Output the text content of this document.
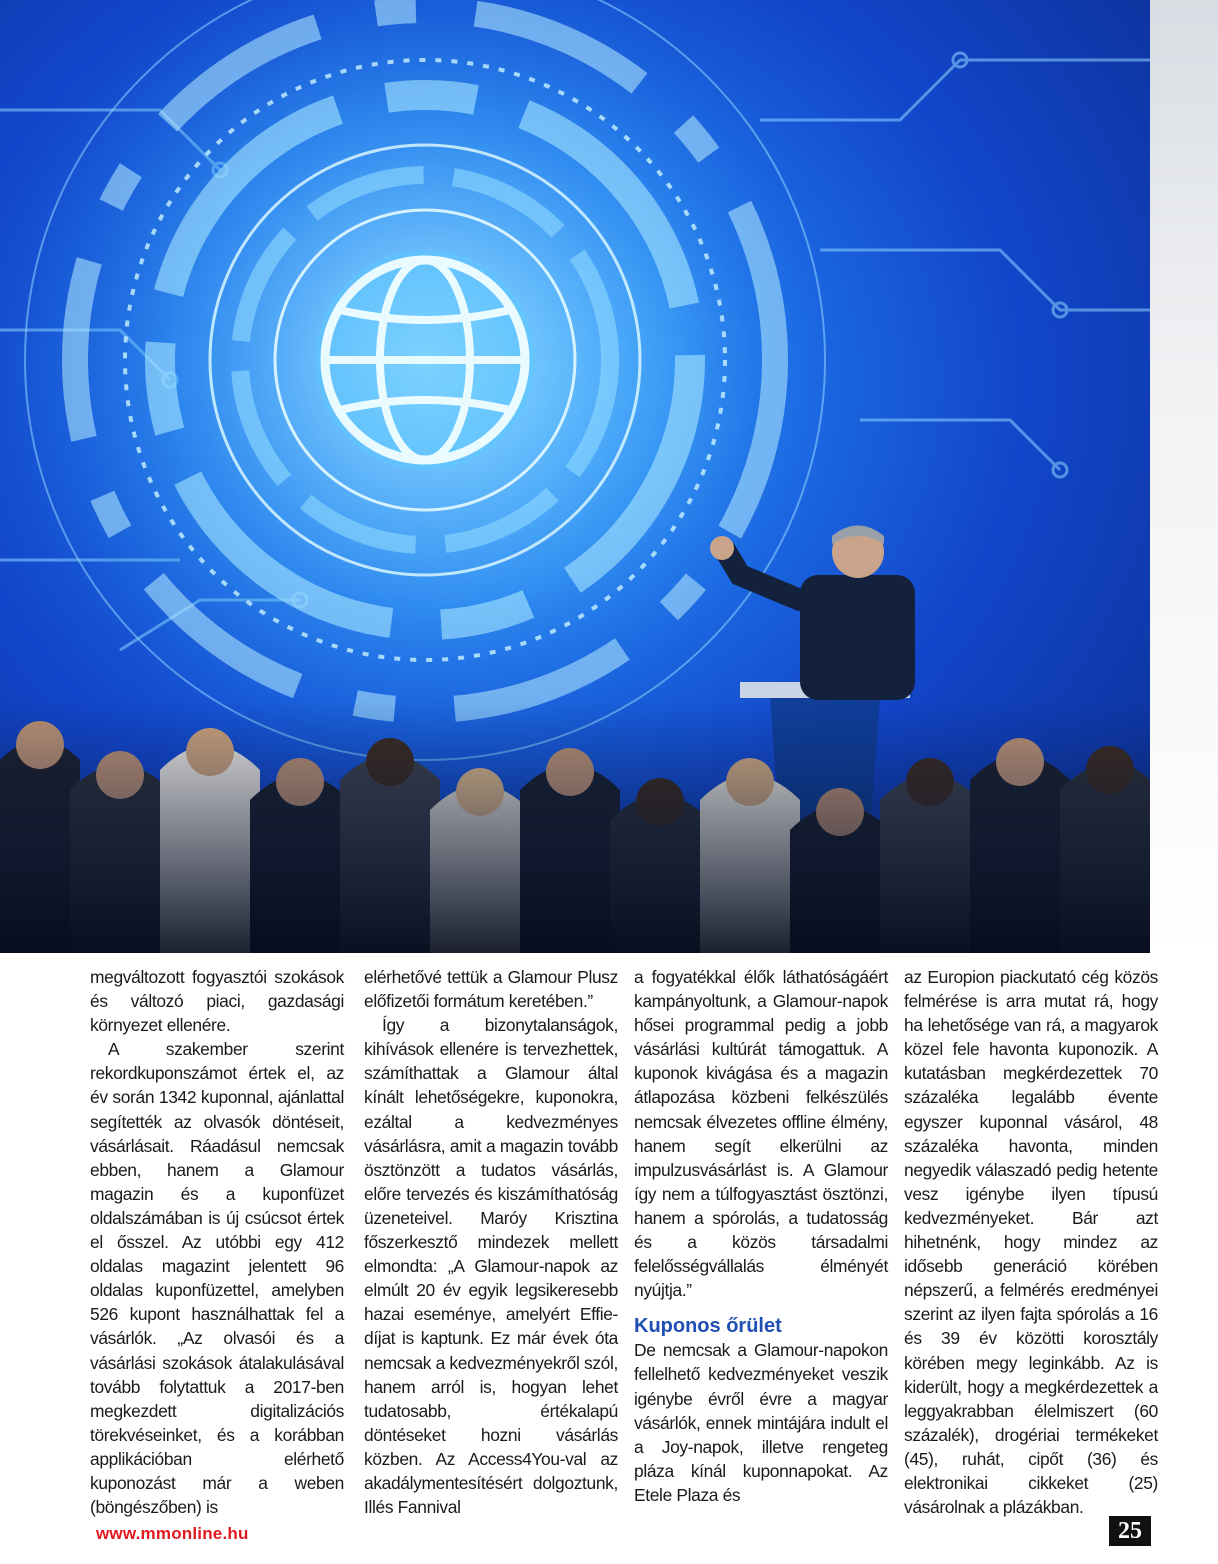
megváltozott fogyasztói szokások és változó piaci, gazdasági környezet ellenére.

A szakember szerint rekordkuponszámot értek el, az év során 1342 kuponnal, ajánlattal segítették az olvasók döntéseit, vásárlásait. Ráadásul nemcsak ebben, hanem a Glamour magazin és a kuponfüzet oldalszámában is új csúcsot értek el ősszel. Az utóbbi egy 412 oldalas magazint jelentett 96 oldalas kuponfüzettel, amelyben 526 kupont használhattak fel a vásárlók. „Az olvasói és a vásárlási szokások átalakulásával tovább folytattuk a 2017-ben megkezdett digitalizációs törekvéseinket, és a korábban applikációban elérhető kuponozást már a weben (böngészőben) is

elérhetővé tettük a Glamour Plusz előfizetői formátum keretében.”

Így a bizonytalanságok, kihívások ellenére is tervezhettek, számíthattak a Glamour által kínált lehetőségekre, kuponokra, ezáltal a kedvezményes vásárlásra, amit a magazin tovább ösztönzött a tudatos vásárlás, előre tervezés és kiszámíthatóság üzeneteivel. Maróy Krisztina főszerkesztő mindezek mellett elmondta: „A Glamour-napok az elmúlt 20 év egyik legsikeresebb hazai eseménye, amelyért Effie-díjat is kaptunk. Ez már évek óta nemcsak a kedvezményekről szól, hanem arról is, hogyan lehet tudatosabb, értékalapú döntéseket hozni vásárlás közben. Az Access4You-val az akadálymentesítésért dolgoztunk, Illés Fannival

a fogyatékkal élők láthatóságáért kampányoltunk, a Glamour-napok hősei programmal pedig a jobb vásárlási kultúrát támogattuk. A kuponok kivágása és a magazin átlapozása közbeni felkészülés nemcsak élvezetes offline élmény, hanem segít elkerülni az impulzusvásárlást is. A Glamour így nem a túlfogyasztást ösztönzi, hanem a spórolás, a tudatosság és a közös társadalmi felelősségvállalás élményét nyújtja.”

Kuponos őrület

De nemcsak a Glamour-napokon fellelhető kedvezményeket veszik igénybe évről évre a magyar vásárlók, ennek mintájára indult el a Joy-napok, illetve rengeteg pláza kínál kuponnapokat. Az Etele Plaza és

az Europion piackutató cég közös felmérése is arra mutat rá, hogy ha lehetősége van rá, a magyarok közel fele havonta kuponozik. A kutatásban megkérdezettek 70 százaléka legalább évente egyszer kuponnal vásárol, 48 százaléka havonta, minden negyedik válaszadó pedig hetente vesz igénybe ilyen típusú kedvezményeket. Bár azt hihetnénk, hogy mindez az idősebb generáció körében népszerű, a felmérés eredményei szerint az ilyen fajta spórolás a 16 és 39 év közötti korosztály körében megy leginkább. Az is kiderült, hogy a megkérdezettek a leggyakrabban élelmiszert (60 százalék), drogériai termékeket (45), ruhát, cipőt (36) és elektronikai cikkeket (25) vásárolnak a plázákban.

www.mmonline.hu	25
